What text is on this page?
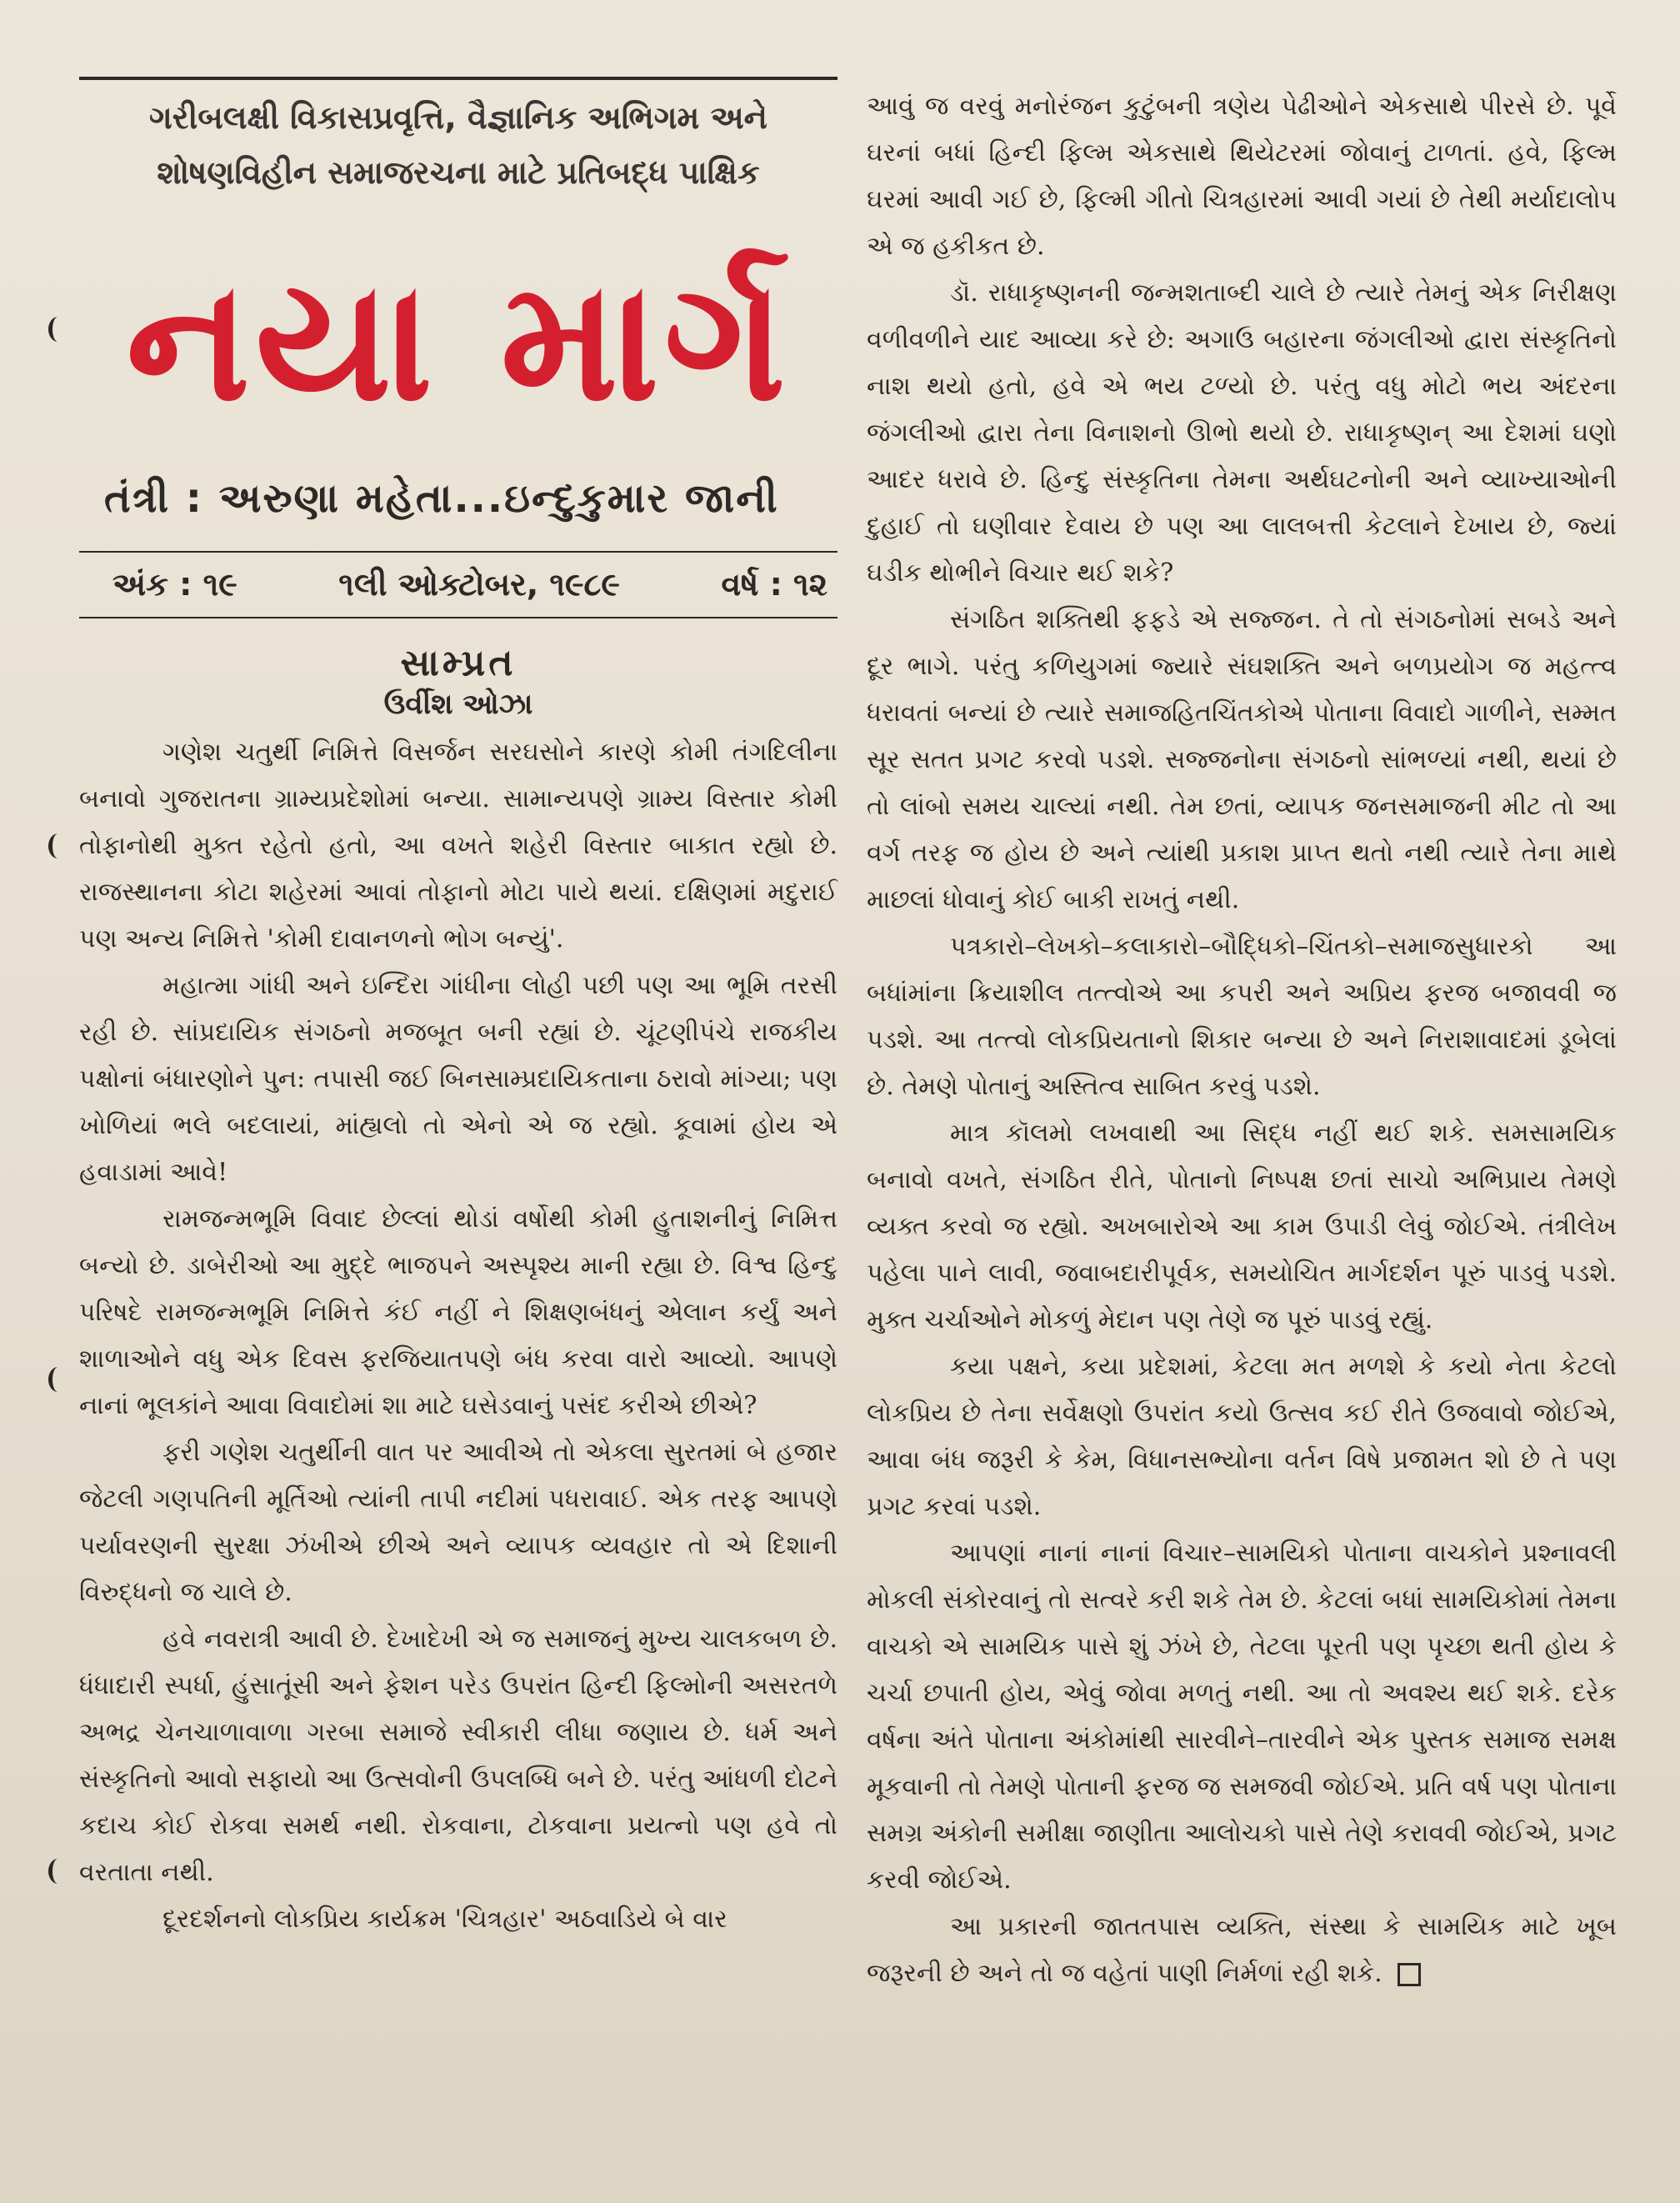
ગરીબલક્ષી વિકાસપ્રવૃત્તિ, વૈજ્ઞાનિક અભિગમ અને
શોષણવિહીન સમાજરચના માટે પ્રતિબદ્ધ પાક્ષિક
નયા માર્ગ
તંત્રી : અરુણા મહેતા...ઇન્દુકુમાર જાની
અંક : ૧૯	૧લી ઓક્ટોબર, ૧૯૮૯	વર્ષ : ૧૨
સામ્પ્રત
ઉર્વીશ ઓઝા

ગણેશ ચતુર્થી નિમિત્તે વિસર્જન સરઘસોને કારણે કોમી તંગદિલીના બનાવો ગુજરાતના ગ્રામ્યપ્રદેશોમાં બન્યા. સામાન્યપણે ગ્રામ્ય વિસ્તાર કોમી તોફાનોથી મુક્ત રહેતો હતો, આ વખતે શહેરી વિસ્તાર બાકાત રહ્યો છે. રાજસ્થાનના કોટા શહેરમાં આવાં તોફાનો મોટા પાયે થયાં. દક્ષિણમાં મદુરાઈ પણ અન્ય નિમિત્તે 'કોમી દાવાનળનો ભોગ બન્યું'.

મહાત્મા ગાંધી અને ઇન્દિરા ગાંધીના લોહી પછી પણ આ ભૂમિ તરસી રહી છે. સાંપ્રદાયિક સંગઠનો મજબૂત બની રહ્યાં છે. ચૂંટણીપંચે રાજકીય પક્ષોનાં બંધારણોને પુન: તપાસી જઈ બિનસામ્પ્રદાયિકતાના ઠરાવો માંગ્યા; પણ ખોળિયાં ભલે બદલાયાં, માંહ્યલો તો એનો એ જ રહ્યો. કૂવામાં હોય એ હવાડામાં આવે!

રામજન્મભૂમિ વિવાદ છેલ્લાં થોડાં વર્ષોથી કોમી હુતાશનીનું નિમિત્ત બન્યો છે. ડાબેરીઓ આ મુદ્દે ભાજપને અસ્પૃશ્ય માની રહ્યા છે. વિશ્વ હિન્દુ પરિષદે રામજન્મભૂમિ નિમિત્તે કંઈ નહીં ને શિક્ષણબંધનું એલાન કર્યું અને શાળાઓને વધુ એક દિવસ ફરજિયાતપણે બંધ કરવા વારો આવ્યો. આપણે નાનાં ભૂલકાંને આવા વિવાદોમાં શા માટે ઘસેડવાનું પસંદ કરીએ છીએ?

ફરી ગણેશ ચતુર્થીની વાત પર આવીએ તો એકલા સુરતમાં બે હજાર જેટલી ગણપતિની મૂર્તિઓ ત્યાંની તાપી નદીમાં પધરાવાઈ. એક તરફ આપણે પર્યાવરણની સુરક્ષા ઝંખીએ છીએ અને વ્યાપક વ્યવહાર તો એ દિશાની વિરુદ્ધનો જ ચાલે છે.

હવે નવરાત્રી આવી છે. દેખાદેખી એ જ સમાજનું મુખ્ય ચાલકબળ છે. ધંધાદારી સ્પર્ધા, હુંસાતૂંસી અને ફેશન પરેડ ઉપરાંત હિન્દી ફિલ્મોની અસરતળે અભદ્ર ચેનચાળાવાળા ગરબા સમાજે સ્વીકારી લીધા જણાય છે. ધર્મ અને સંસ્કૃતિનો આવો સફાયો આ ઉત્સવોની ઉપલબ્ધિ બને છે. પરંતુ આંધળી દોટને કદાચ કોઈ રોકવા સમર્થ નથી. રોકવાના, ટોકવાના પ્રયત્નો પણ હવે તો વરતાતા નથી.

દૂરદર્શનનો લોકપ્રિય કાર્યક્રમ 'ચિત્રહાર' અઠવાડિયે બે વાર

આવું જ વરવું મનોરંજન કુટુંબની ત્રણેય પેઢીઓને એકસાથે પીરસે છે. પૂર્વે ઘરનાં બધાં હિન્દી ફિલ્મ એકસાથે થિયેટરમાં જોવાનું ટાળતાં. હવે, ફિલ્મ ઘરમાં આવી ગઈ છે, ફિલ્મી ગીતો ચિત્રહારમાં આવી ગયાં છે તેથી મર્યાદાલોપ એ જ હકીકત છે.

ડૉ. રાધાકૃષ્ણનની જન્મશતાબ્દી ચાલે છે ત્યારે તેમનું એક નિરીક્ષણ વળીવળીને યાદ આવ્યા કરે છે: અગાઉ બહારના જંગલીઓ દ્વારા સંસ્કૃતિનો નાશ થયો હતો, હવે એ ભય ટળ્યો છે. પરંતુ વધુ મોટો ભય અંદરના જંગલીઓ દ્વારા તેના વિનાશનો ઊભો થયો છે. રાધાકૃષ્ણન્ આ દેશમાં ઘણો આદર ધરાવે છે. હિન્દુ સંસ્કૃતિના તેમના અર્થઘટનોની અને વ્યાખ્યાઓની દુહાઈ તો ઘણીવાર દેવાય છે પણ આ લાલબત્તી કેટલાને દેખાય છે, જ્યાં ઘડીક થોભીને વિચાર થઈ શકે?

સંગઠિત શક્તિથી ફફડે એ સજ્જન. તે તો સંગઠનોમાં સબડે અને દૂર ભાગે. પરંતુ કળિયુગમાં જ્યારે સંઘશક્તિ અને બળપ્રયોગ જ મહત્ત્વ ધરાવતાં બન્યાં છે ત્યારે સમાજહિતચિંતકોએ પોતાના વિવાદો ગાળીને, સમ્મત સૂર સતત પ્રગટ કરવો પડશે. સજ્જનોના સંગઠનો સાંભળ્યાં નથી, થયાં છે તો લાંબો સમય ચાલ્યાં નથી. તેમ છતાં, વ્યાપક જનસમાજની મીટ તો આ વર્ગ તરફ જ હોય છે અને ત્યાંથી પ્રકાશ પ્રાપ્ત થતો નથી ત્યારે તેના માથે માછલાં ધોવાનું કોઈ બાકી રાખતું નથી.

પત્રકારો–લેખકો–કલાકારો–બૌદ્ધિકો–ચિંતકો–સમાજસુધારકો આ બધાંમાંના ક્રિયાશીલ તત્ત્વોએ આ કપરી અને અપ્રિય ફરજ બજાવવી જ પડશે. આ તત્ત્વો લોકપ્રિયતાનો શિકાર બન્યા છે અને નિરાશાવાદમાં ડૂબેલાં છે. તેમણે પોતાનું અસ્તિત્વ સાબિત કરવું પડશે.

માત્ર કૉલમો લખવાથી આ સિદ્ધ નહીં થઈ શકે. સમસામયિક બનાવો વખતે, સંગઠિત રીતે, પોતાનો નિષ્પક્ષ છતાં સાચો અભિપ્રાય તેમણે વ્યક્ત કરવો જ રહ્યો. અખબારોએ આ કામ ઉપાડી લેવું જોઈએ. તંત્રીલેખ પહેલા પાને લાવી, જવાબદારીપૂર્વક, સમયોચિત માર્ગદર્શન પૂરું પાડવું પડશે. મુક્ત ચર્ચાઓને મોકળું મેદાન પણ તેણે જ પૂરું પાડવું રહ્યું.

કયા પક્ષને, કયા પ્રદેશમાં, કેટલા મત મળશે કે કયો નેતા કેટલો લોકપ્રિય છે તેના સર્વેક્ષણો ઉપરાંત કયો ઉત્સવ કઈ રીતે ઉજવાવો જોઈએ, આવા બંધ જરૂરી કે કેમ, વિધાનસભ્યોના વર્તન વિષે પ્રજામત શો છે તે પણ પ્રગટ કરવાં પડશે.

આપણાં નાનાં નાનાં વિચાર–સામયિકો પોતાના વાચકોને પ્રશ્નાવલી મોકલી સંકોરવાનું તો સત્વરે કરી શકે તેમ છે. કેટલાં બધાં સામયિકોમાં તેમના વાચકો એ સામયિક પાસે શું ઝંખે છે, તેટલા પૂરતી પણ પૃચ્છા થતી હોય કે ચર્ચા છપાતી હોય, એવું જોવા મળતું નથી. આ તો અવશ્ય થઈ શકે. દરેક વર્ષના અંતે પોતાના અંકોમાંથી સારવીને–તારવીને એક પુસ્તક સમાજ સમક્ષ મૂકવાની તો તેમણે પોતાની ફરજ જ સમજવી જોઈએ. પ્રતિ વર્ષ પણ પોતાના સમગ્ર અંકોની સમીક્ષા જાણીતા આલોચકો પાસે તેણે કરાવવી જોઈએ, પ્રગટ કરવી જોઈએ.

આ પ્રકારની જાતતપાસ વ્યક્તિ, સંસ્થા કે સામયિક માટે ખૂબ જરૂરની છે અને તો જ વહેતાં પાણી નિર્મળાં રહી શકે.
